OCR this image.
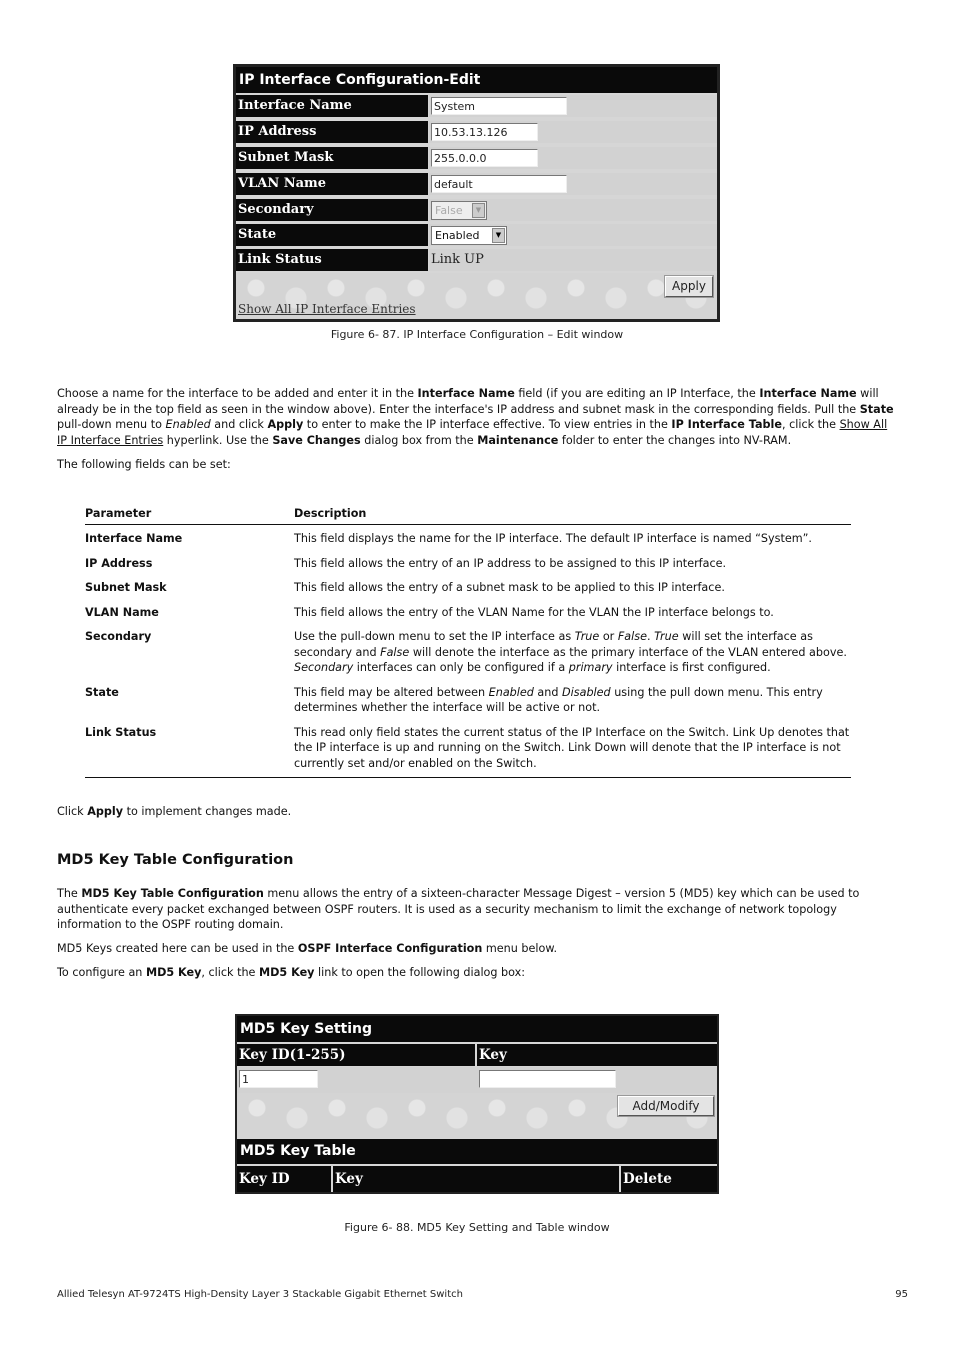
IP Interface Configuration-Edit
Interface Name	System
IP Address	10.53.13.126
Subnet Mask	255.0.0.0
VLAN Name	default
Secondary	False	▼
State	Enabled	▼
Link Status	Link UP
Apply
Show All IP Interface Entries
Figure 6- 87. IP Interface Configuration – Edit window

Choose a name for the interface to be added and enter it in the Interface Name field (if you are editing an IP Interface, the Interface Name will already be in the top field as seen in the window above). Enter the interface's IP address and subnet mask in the corresponding fields. Pull the State pull-down menu to Enabled and click Apply to enter to make the IP interface effective. To view entries in the IP Interface Table, click the Show All IP Interface Entries hyperlink. Use the Save Changes dialog box from the Maintenance folder to enter the changes into NV-RAM.

The following fields can be set:

Parameter	Description
Interface Name	This field displays the name for the IP interface. The default IP interface is named “System”.
IP Address	This field allows the entry of an IP address to be assigned to this IP interface.
Subnet Mask	This field allows the entry of a subnet mask to be applied to this IP interface.
VLAN Name	This field allows the entry of the VLAN Name for the VLAN the IP interface belongs to.
Secondary	Use the pull-down menu to set the IP interface as True or False. True will set the interface as secondary and False will denote the interface as the primary interface of the VLAN entered above. Secondary interfaces can only be configured if a primary interface is first configured.
State	This field may be altered between Enabled and Disabled using the pull down menu. This entry determines whether the interface will be active or not.
Link Status	This read only field states the current status of the IP Interface on the Switch. Link Up denotes that the IP interface is up and running on the Switch. Link Down will denote that the IP interface is not currently set and/or enabled on the Switch.

Click Apply to implement changes made.

MD5 Key Table Configuration

The MD5 Key Table Configuration menu allows the entry of a sixteen-character Message Digest – version 5 (MD5) key which can be used to authenticate every packet exchanged between OSPF routers. It is used as a security mechanism to limit the exchange of network topology information to the OSPF routing domain.

MD5 Keys created here can be used in the OSPF Interface Configuration menu below.

To configure an MD5 Key, click the MD5 Key link to open the following dialog box:

MD5 Key Setting
Key ID(1-255)	Key
1
Add/Modify
MD5 Key Table
Key ID	Key	Delete
Figure 6- 88. MD5 Key Setting and Table window
Allied Telesyn AT-9724TS High-Density Layer 3 Stackable Gigabit Ethernet Switch	95
